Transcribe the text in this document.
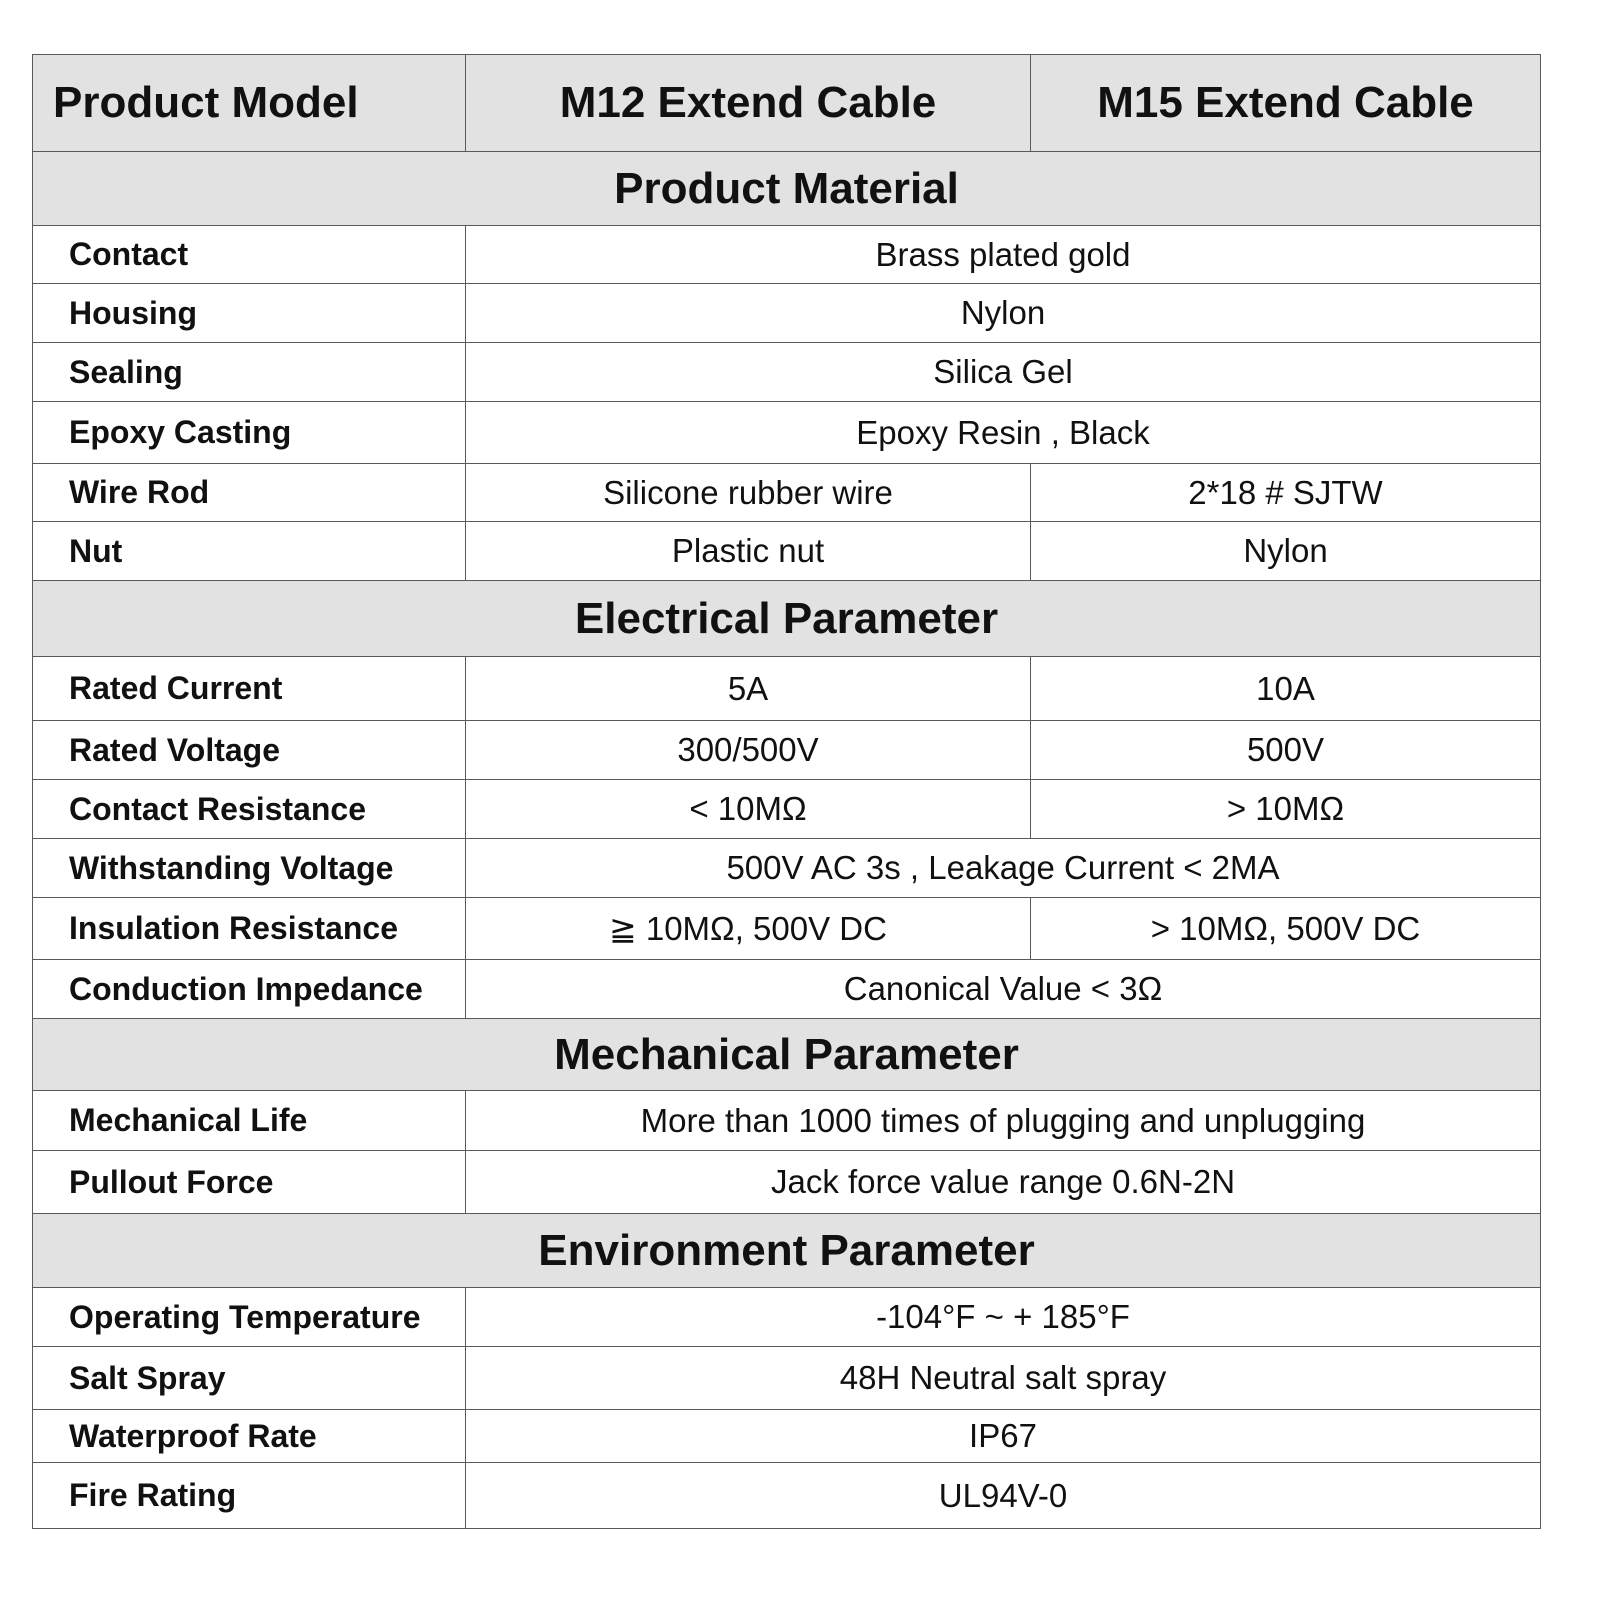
Product Model	M12 Extend Cable	M15 Extend Cable
Product Material		
Contact	Brass plated gold	
Housing	Nylon	
Sealing	Silica Gel	
Epoxy Casting	Epoxy Resin , Black	
Wire Rod	Silicone rubber wire	2*18 # SJTW
Nut	Plastic nut	Nylon
Electrical Parameter		
Rated Current	5A	10A
Rated Voltage	300/500V	500V
Contact Resistance	< 10MΩ	> 10MΩ
Withstanding Voltage	500V AC 3s , Leakage Current < 2MA	
Insulation Resistance	≧ 10MΩ, 500V DC	> 10MΩ, 500V DC
Conduction Impedance	Canonical Value < 3Ω	
Mechanical Parameter		
Mechanical Life	More than 1000 times of plugging and unplugging	
Pullout Force	Jack force value range 0.6N-2N	
Environment Parameter		
Operating Temperature	-104°F ~ + 185°F	
Salt Spray	48H Neutral salt spray	
Waterproof Rate	IP67	
Fire Rating	UL94V-0	
